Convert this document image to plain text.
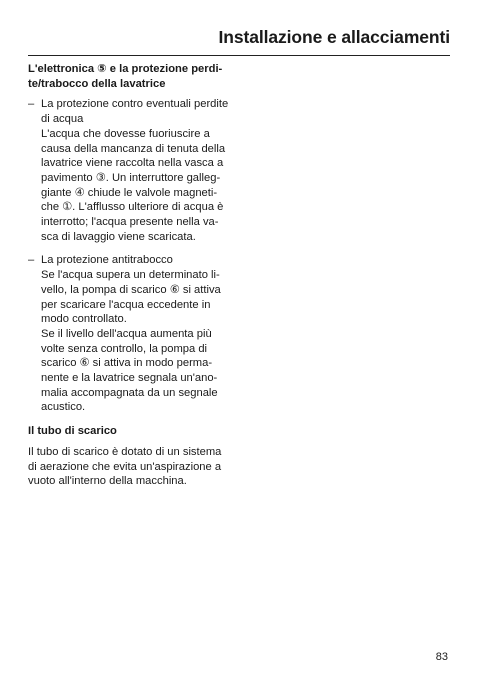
Installazione e allacciamenti
L'elettronica ⑤ e la protezione perdi-
te/trabocco della lavatrice
– La protezione contro eventuali perdite
di acqua
L'acqua che dovesse fuoriuscire a
causa della mancanza di tenuta della
lavatrice viene raccolta nella vasca a
pavimento ③. Un interruttore galleg-
giante ④ chiude le valvole magneti-
che ①. L'afflusso ulteriore di acqua è
interrotto; l'acqua presente nella va-
sca di lavaggio viene scaricata.
– La protezione antitrabocco
Se l'acqua supera un determinato li-
vello, la pompa di scarico ⑥ si attiva
per scaricare l'acqua eccedente in
modo controllato.
Se il livello dell'acqua aumenta più
volte senza controllo, la pompa di
scarico ⑥ si attiva in modo perma-
nente e la lavatrice segnala un'ano-
malia accompagnata da un segnale
acustico.
Il tubo di scarico
Il tubo di scarico è dotato di un sistema
di aerazione che evita un'aspirazione a
vuoto all'interno della macchina.
83
